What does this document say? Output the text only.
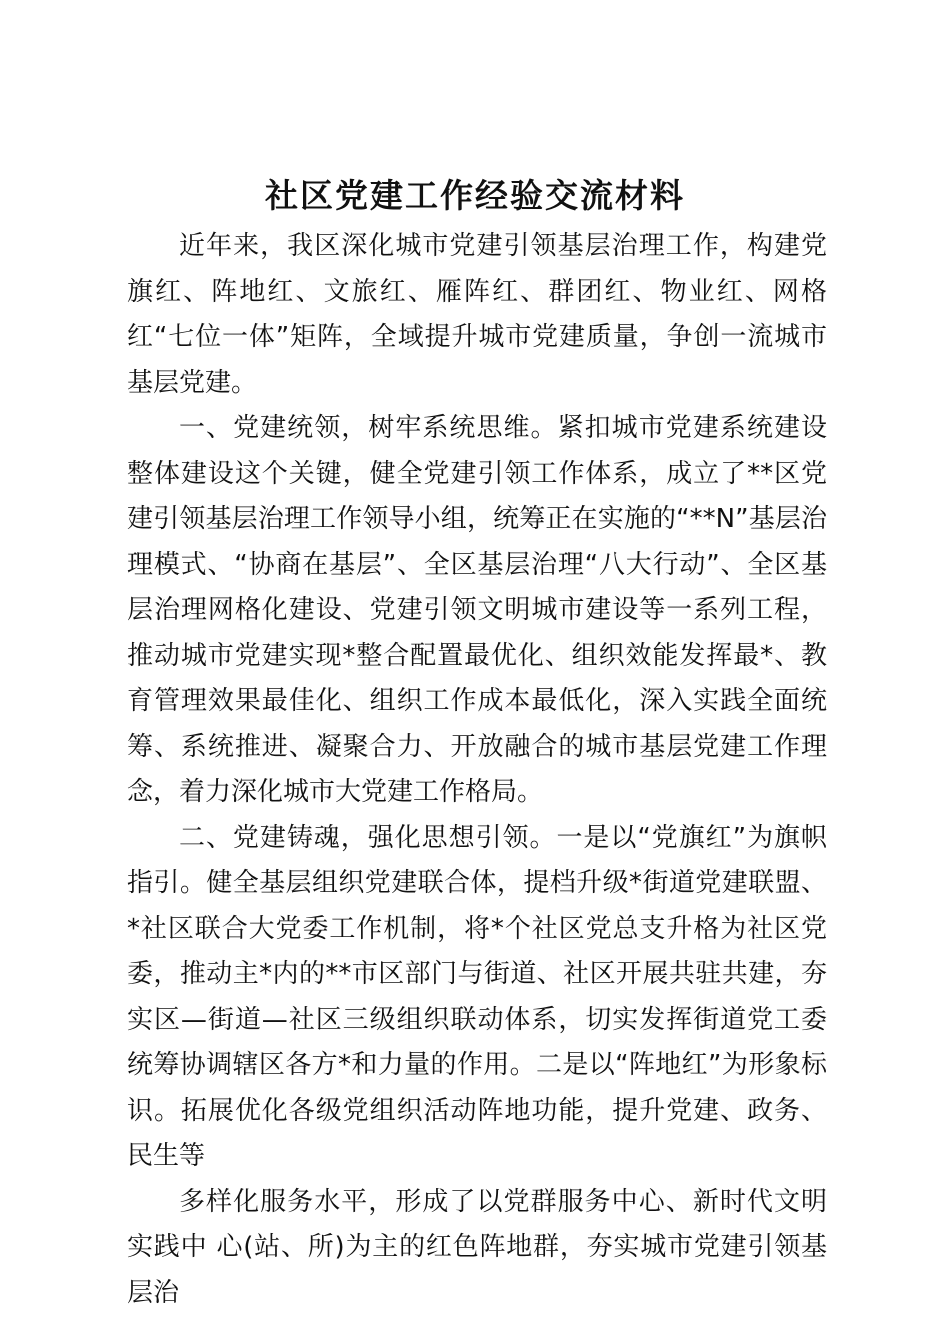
社区党建工作经验交流材料

近年来，我区深化城市党建引领基层治理工作，构建党旗红、阵地红、文旅红、雁阵红、群团红、物业红、网格红“七位一体”矩阵，全域提升城市党建质量，争创一流城市基层党建。

一、党建统领，树牢系统思维。紧扣城市党建系统建设整体建设这个关键，健全党建引领工作体系，成立了**区党建引领基层治理工作领导小组，统筹正在实施的“**N”基层治理模式、“协商在基层”、全区基层治理“八大行动”、全区基层治理网格化建设、党建引领文明城市建设等一系列工程，推动城市党建实现*整合配置最优化、组织效能发挥最*、教育管理效果最佳化、组织工作成本最低化，深入实践全面统筹、系统推进、凝聚合力、开放融合的城市基层党建工作理念，着力深化城市大党建工作格局。

二、党建铸魂，强化思想引领。一是以“党旗红”为旗帜指引。健全基层组织党建联合体，提档升级*街道党建联盟、*社区联合大党委工作机制，将*个社区党总支升格为社区党委，推动主*内的**市区部门与街道、社区开展共驻共建，夯实区—街道—社区三级组织联动体系，切实发挥街道党工委统筹协调辖区各方*和力量的作用。二是以“阵地红”为形象标识。拓展优化各级党组织活动阵地功能，提升党建、政务、民生等

多样化服务水平，形成了以党群服务中心、新时代文明实践中 心(站、所)为主的红色阵地群，夯实城市党建引领基层治
